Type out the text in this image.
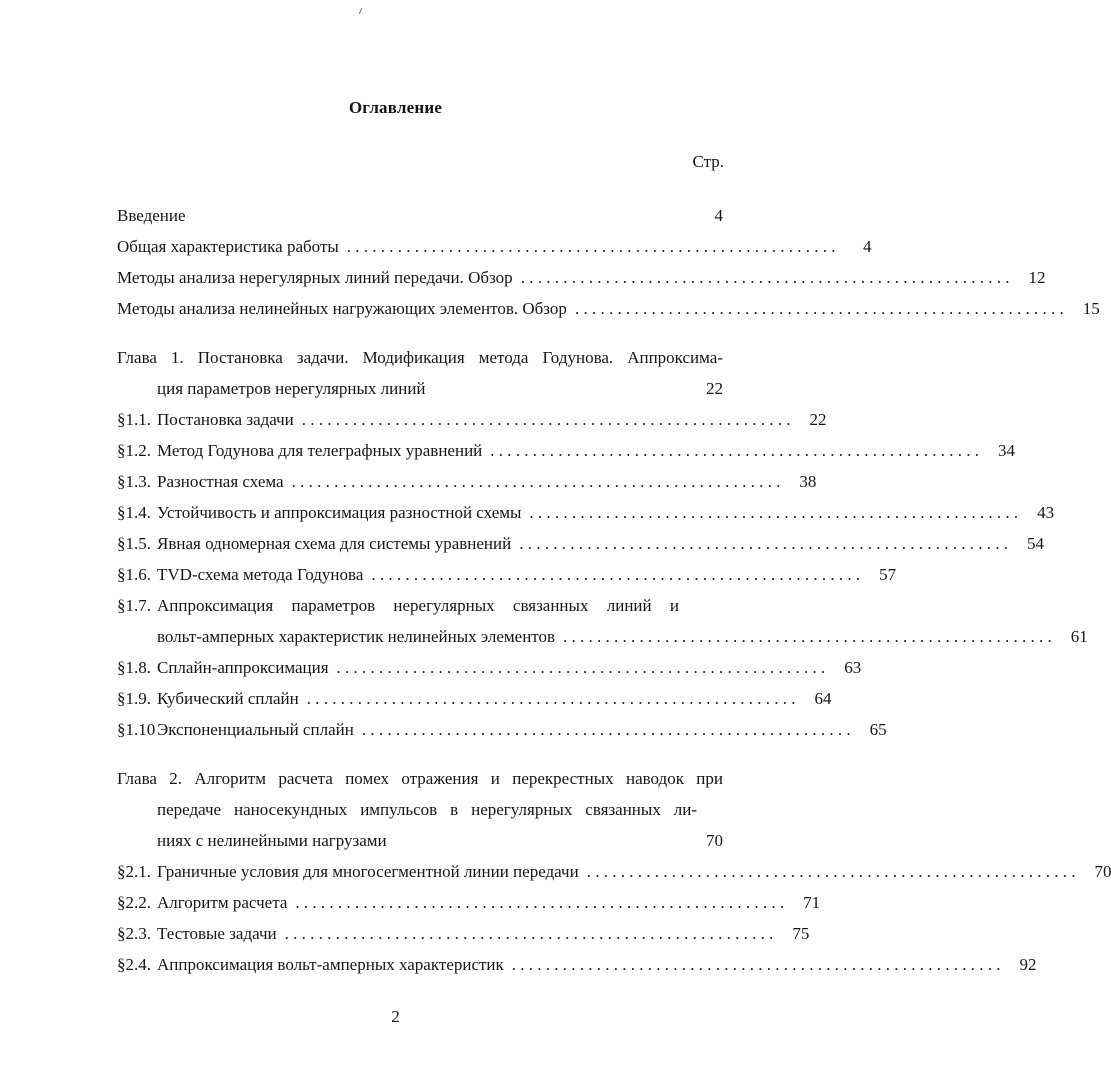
Оглавление
Стр.
Введение	4
Общая характеристика работы . . . . . . . . . . . . . . . . . . . . . . . . . . . . . . . . . . . . . . . . . . . . . . . . . . . . . . . . . .	4
Методы анализа нерегулярных линий передачи. Обзор . . . . . . . . . . . . . . . . . . . . . . . . . . . . . . . . . . . . . . . . . . . . . . . . . . . . . . . . . .	12
Методы анализа нелинейных нагружающих элементов. Обзор . . . . . . . . . . . . . . . . . . . . . . . . . . . . . . . . . . . . . . . . . . . . . . . . . . . . . . . . . .	15
Глава 1. Постановка задачи. Модификация метода Годунова. Аппроксима-
ция параметров нерегулярных линий	22
§1.1. Постановка задачи . . . . . . . . . . . . . . . . . . . . . . . . . . . . . . . . . . . . . . . . . . . . . . . . . . . . . . . . . .	22
§1.2. Метод Годунова для телеграфных уравнений . . . . . . . . . . . . . . . . . . . . . . . . . . . . . . . . . . . . . . . . . . . . . . . . . . . . . . . . . .	34
§1.3. Разностная схема . . . . . . . . . . . . . . . . . . . . . . . . . . . . . . . . . . . . . . . . . . . . . . . . . . . . . . . . . .	38
§1.4. Устойчивость и аппроксимация разностной схемы . . . . . . . . . . . . . . . . . . . . . . . . . . . . . . . . . . . . . . . . . . . . . . . . . . . . . . . . . .	43
§1.5. Явная одномерная схема для системы уравнений . . . . . . . . . . . . . . . . . . . . . . . . . . . . . . . . . . . . . . . . . . . . . . . . . . . . . . . . . .	54
§1.6. TVD-схема метода Годунова . . . . . . . . . . . . . . . . . . . . . . . . . . . . . . . . . . . . . . . . . . . . . . . . . . . . . . . . . .	57
§1.7. Аппроксимация параметров нерегулярных связанных линий и
вольт-амперных характеристик нелинейных элементов . . . . . . . . . . . . . . . . . . . . . . . . . . . . . . . . . . . . . . . . . . . . . . . . . . . . . . . . . .	61
§1.8. Сплайн-аппроксимация . . . . . . . . . . . . . . . . . . . . . . . . . . . . . . . . . . . . . . . . . . . . . . . . . . . . . . . . . .	63
§1.9. Кубический сплайн . . . . . . . . . . . . . . . . . . . . . . . . . . . . . . . . . . . . . . . . . . . . . . . . . . . . . . . . . .	64
§1.10 Экспоненциальный сплайн . . . . . . . . . . . . . . . . . . . . . . . . . . . . . . . . . . . . . . . . . . . . . . . . . . . . . . . . . .	65
Глава 2. Алгоритм расчета помех отражения и перекрестных наводок при
передаче наносекундных импульсов в нерегулярных связанных ли-
ниях с нелинейными нагрузами	70
§2.1. Граничные условия для многосегментной линии передачи . . . . . . . . . . . . . . . . . . . . . . . . . . . . . . . . . . . . . . . . . . . . . . . . . . . . . . . . . .	70
§2.2. Алгоритм расчета . . . . . . . . . . . . . . . . . . . . . . . . . . . . . . . . . . . . . . . . . . . . . . . . . . . . . . . . . .	71
§2.3. Тестовые задачи . . . . . . . . . . . . . . . . . . . . . . . . . . . . . . . . . . . . . . . . . . . . . . . . . . . . . . . . . .	75
§2.4. Аппроксимация вольт-амперных характеристик . . . . . . . . . . . . . . . . . . . . . . . . . . . . . . . . . . . . . . . . . . . . . . . . . . . . . . . . . .	92
2
